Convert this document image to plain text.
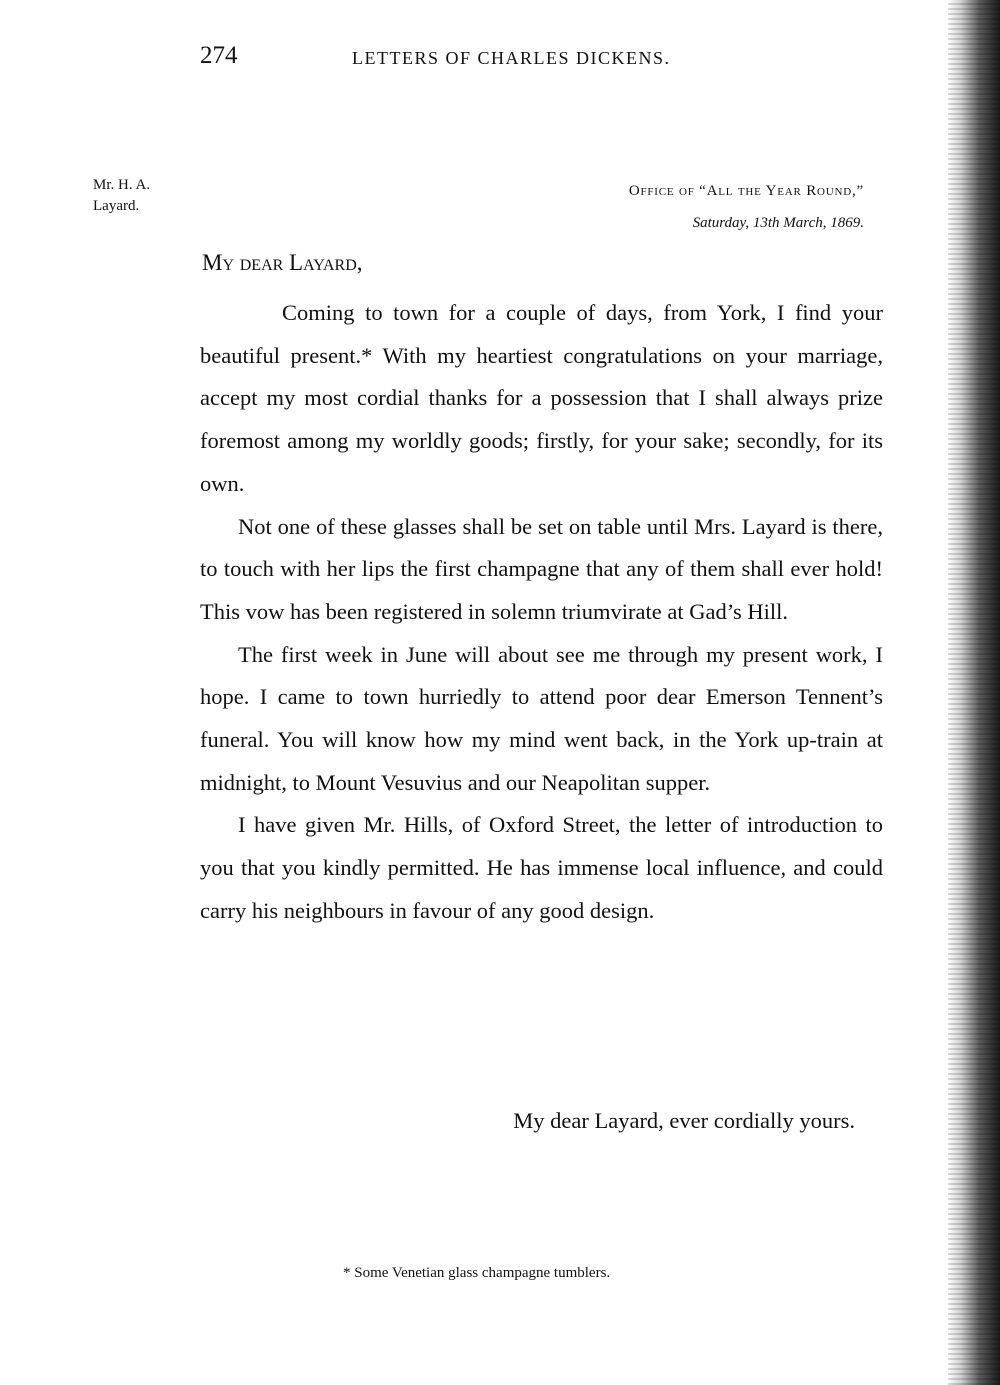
274	LETTERS OF CHARLES DICKENS.
Mr. H. A.
Layard.
Office of “All the Year Round,”
Saturday, 13th March, 1869.
My dear Layard,

Coming to town for a couple of days, from York, I find your beautiful present.* With my heartiest congratulations on your marriage, accept my most cordial thanks for a possession that I shall always prize foremost among my worldly goods; firstly, for your sake; secondly, for its own.

Not one of these glasses shall be set on table until Mrs. Layard is there, to touch with her lips the first champagne that any of them shall ever hold! This vow has been registered in solemn triumvirate at Gad’s Hill.

The first week in June will about see me through my present work, I hope. I came to town hurriedly to attend poor dear Emerson Tennent’s funeral. You will know how my mind went back, in the York up-train at midnight, to Mount Vesuvius and our Neapolitan supper.

I have given Mr. Hills, of Oxford Street, the letter of introduction to you that you kindly permitted. He has immense local influence, and could carry his neighbours in favour of any good design.

My dear Layard, ever cordially yours.
* Some Venetian glass champagne tumblers.
